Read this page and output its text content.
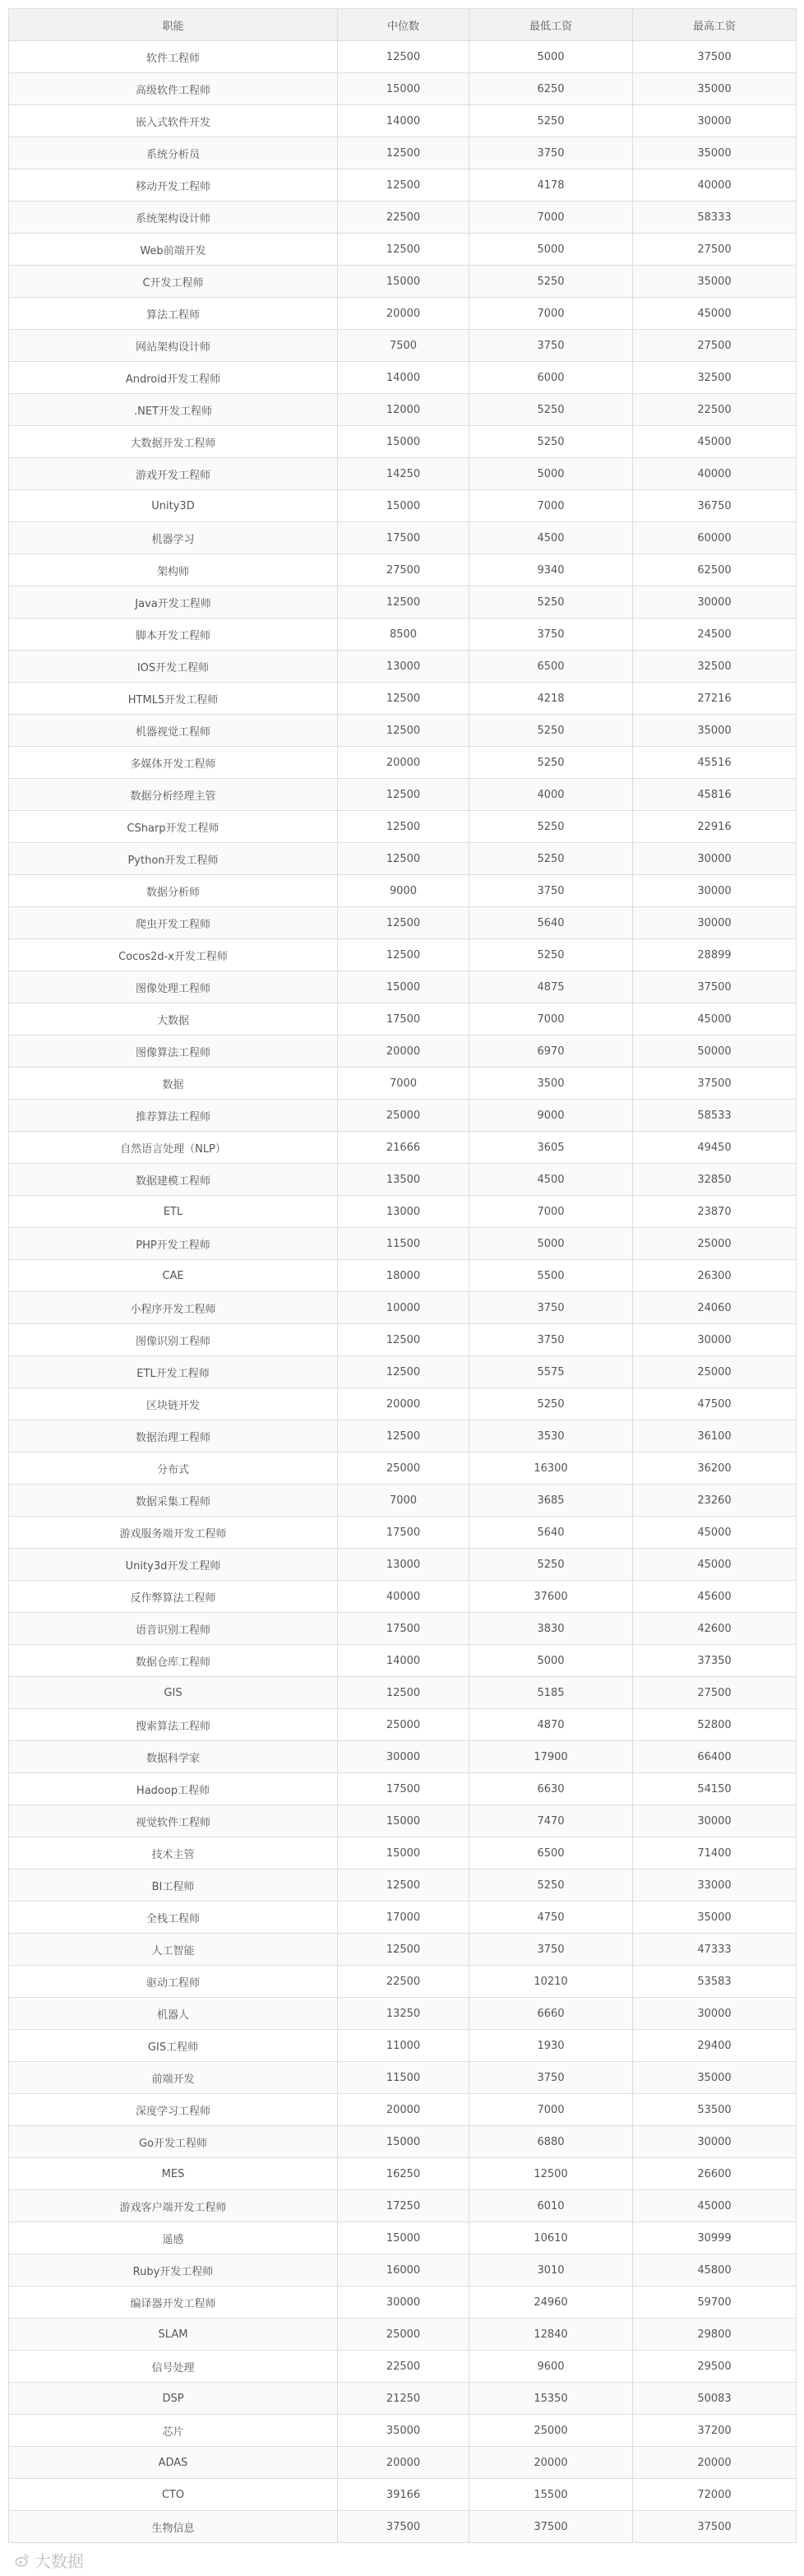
职能	中位数	最低工资	最高工资
软件工程师	12500	5000	37500
高级软件工程师	15000	6250	35000
嵌入式软件开发	14000	5250	30000
系统分析员	12500	3750	35000
移动开发工程师	12500	4178	40000
系统架构设计师	22500	7000	58333
Web前端开发	12500	5000	27500
C开发工程师	15000	5250	35000
算法工程师	20000	7000	45000
网站架构设计师	7500	3750	27500
Android开发工程师	14000	6000	32500
.NET开发工程师	12000	5250	22500
大数据开发工程师	15000	5250	45000
游戏开发工程师	14250	5000	40000
Unity3D	15000	7000	36750
机器学习	17500	4500	60000
架构师	27500	9340	62500
Java开发工程师	12500	5250	30000
脚本开发工程师	8500	3750	24500
IOS开发工程师	13000	6500	32500
HTML5开发工程师	12500	4218	27216
机器视觉工程师	12500	5250	35000
多媒体开发工程师	20000	5250	45516
数据分析经理主管	12500	4000	45816
CSharp开发工程师	12500	5250	22916
Python开发工程师	12500	5250	30000
数据分析师	9000	3750	30000
爬虫开发工程师	12500	5640	30000
Cocos2d-x开发工程师	12500	5250	28899
图像处理工程师	15000	4875	37500
大数据	17500	7000	45000
图像算法工程师	20000	6970	50000
数据	7000	3500	37500
推荐算法工程师	25000	9000	58533
自然语言处理（NLP）	21666	3605	49450
数据建模工程师	13500	4500	32850
ETL	13000	7000	23870
PHP开发工程师	11500	5000	25000
CAE	18000	5500	26300
小程序开发工程师	10000	3750	24060
图像识别工程师	12500	3750	30000
ETL开发工程师	12500	5575	25000
区块链开发	20000	5250	47500
数据治理工程师	12500	3530	36100
分布式	25000	16300	36200
数据采集工程师	7000	3685	23260
游戏服务端开发工程师	17500	5640	45000
Unity3d开发工程师	13000	5250	45000
反作弊算法工程师	40000	37600	45600
语音识别工程师	17500	3830	42600
数据仓库工程师	14000	5000	37350
GIS	12500	5185	27500
搜索算法工程师	25000	4870	52800
数据科学家	30000	17900	66400
Hadoop工程师	17500	6630	54150
视觉软件工程师	15000	7470	30000
技术主管	15000	6500	71400
BI工程师	12500	5250	33000
全栈工程师	17000	4750	35000
人工智能	12500	3750	47333
驱动工程师	22500	10210	53583
机器人	13250	6660	30000
GIS工程师	11000	1930	29400
前端开发	11500	3750	35000
深度学习工程师	20000	7000	53500
Go开发工程师	15000	6880	30000
MES	16250	12500	26600
游戏客户端开发工程师	17250	6010	45000
遥感	15000	10610	30999
Ruby开发工程师	16000	3010	45800
编译器开发工程师	30000	24960	59700
SLAM	25000	12840	29800
信号处理	22500	9600	29500
DSP	21250	15350	50083
芯片	35000	25000	37200
ADAS	20000	20000	20000
CTO	39166	15500	72000
生物信息	37500	37500	37500
大数据
